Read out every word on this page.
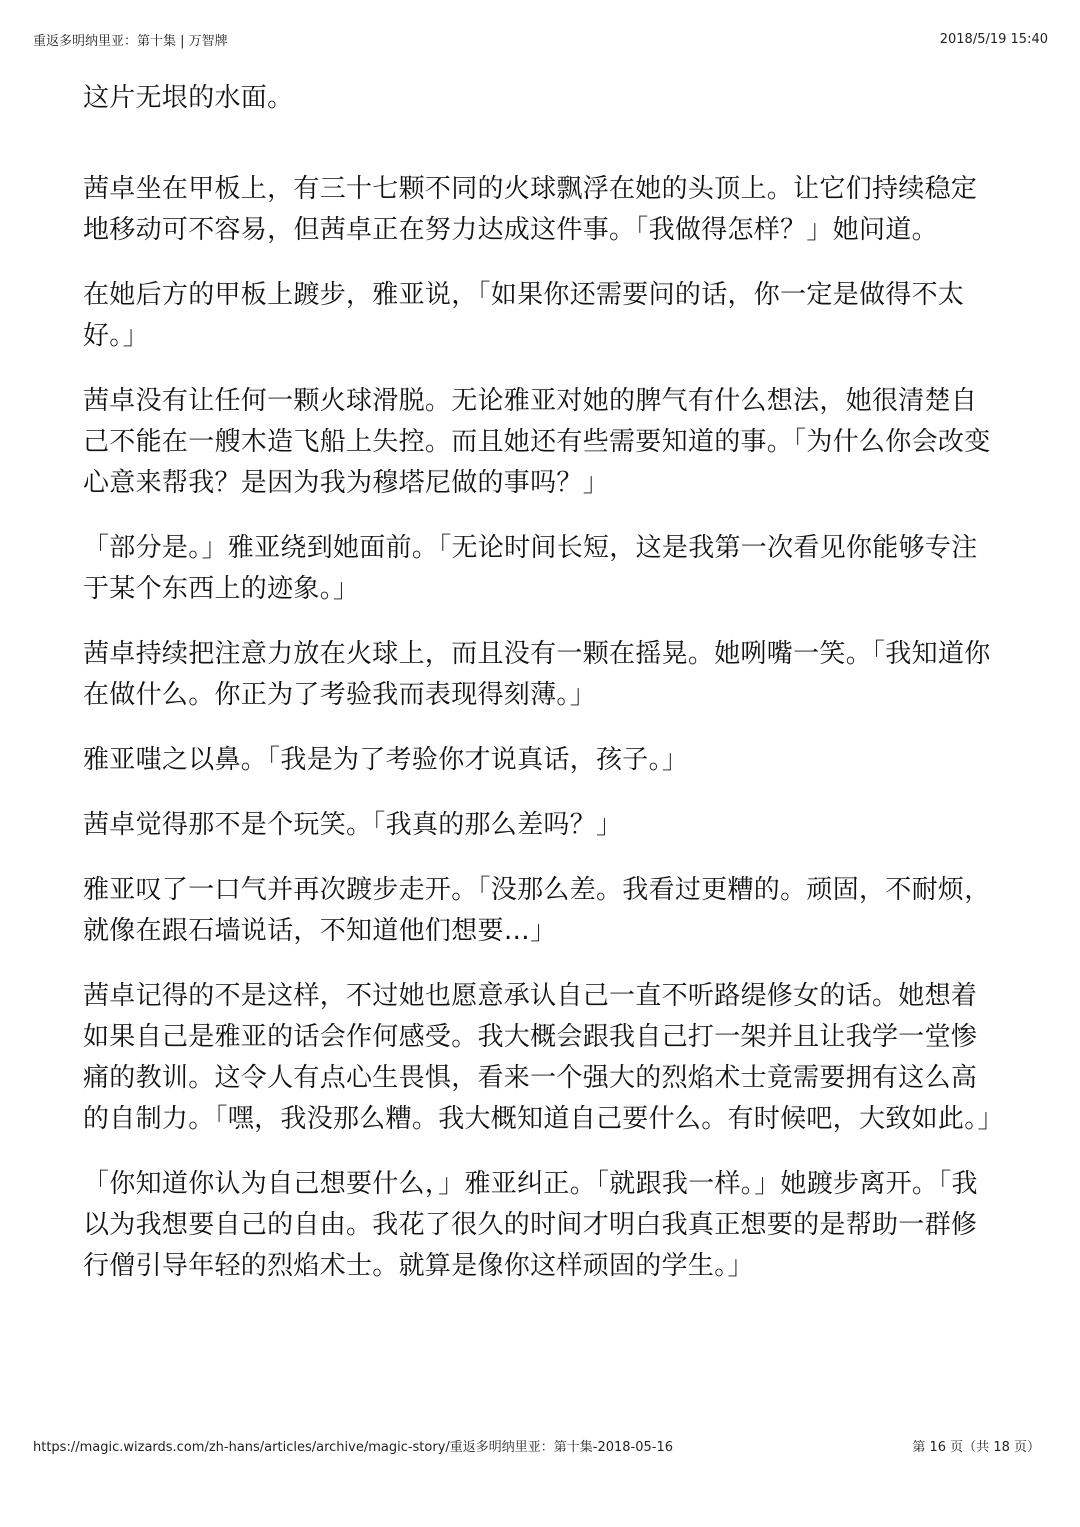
重返多明纳里亚：第十集 | 万智牌	2018/5/19 15:40

这片无垠的水面。

茜卓坐在甲板上，有三十七颗不同的火球飘浮在她的头顶上。让它们持续稳定地移动可不容易，但茜卓正在努力达成这件事。「我做得怎样？」她问道。

在她后方的甲板上踱步，雅亚说，「如果你还需要问的话，你一定是做得不太好。」

茜卓没有让任何一颗火球滑脱。无论雅亚对她的脾气有什么想法，她很清楚自己不能在一艘木造飞船上失控。而且她还有些需要知道的事。「为什么你会改变心意来帮我？是因为我为穆塔尼做的事吗？」

「部分是。」雅亚绕到她面前。「无论时间长短，这是我第一次看见你能够专注于某个东西上的迹象。」

茜卓持续把注意力放在火球上，而且没有一颗在摇晃。她咧嘴一笑。「我知道你在做什么。你正为了考验我而表现得刻薄。」

雅亚嗤之以鼻。「我是为了考验你才说真话，孩子。」

茜卓觉得那不是个玩笑。「我真的那么差吗？」

雅亚叹了一口气并再次踱步走开。「没那么差。我看过更糟的。顽固，不耐烦，就像在跟石墙说话，不知道他们想要…」

茜卓记得的不是这样，不过她也愿意承认自己一直不听路缇修女的话。她想着如果自己是雅亚的话会作何感受。我大概会跟我自己打一架并且让我学一堂惨痛的教训。这令人有点心生畏惧，看来一个强大的烈焰术士竟需要拥有这么高的自制力。「嘿，我没那么糟。我大概知道自己要什么。有时候吧，大致如此。」

「你知道你认为自己想要什么，」雅亚纠正。「就跟我一样。」她踱步离开。「我以为我想要自己的自由。我花了很久的时间才明白我真正想要的是帮助一群修行僧引导年轻的烈焰术士。就算是像你这样顽固的学生。」

https://magic.wizards.com/zh-hans/articles/archive/magic-story/重返多明纳里亚：第十集-2018-05-16	第 16 页（共 18 页）
